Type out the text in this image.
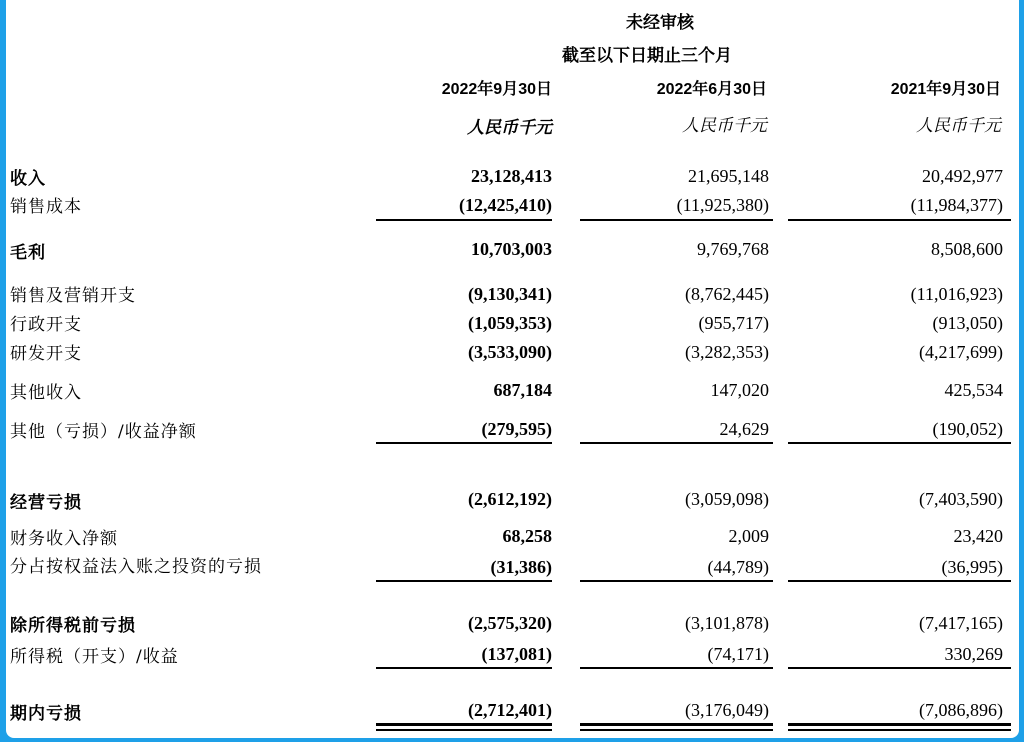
未经审核
截至以下日期止三个月
2022年9月30日	2022年6月30日	2021年9月30日
人民币千元	人民币千元	人民币千元
收入	23,128,413	21,695,148	20,492,977
销售成本	(12,425,410)	(11,925,380)	(11,984,377)
毛利	10,703,003	9,769,768	8,508,600
销售及营销开支	(9,130,341)	(8,762,445)	(11,016,923)
行政开支	(1,059,353)	(955,717)	(913,050)
研发开支	(3,533,090)	(3,282,353)	(4,217,699)
其他收入	687,184	147,020	425,534
其他（亏损）/收益净额	(279,595)	24,629	(190,052)
经营亏损	(2,612,192)	(3,059,098)	(7,403,590)
财务收入净额	68,258	2,009	23,420
分占按权益法入账之投资的亏损	(31,386)	(44,789)	(36,995)
除所得税前亏损	(2,575,320)	(3,101,878)	(7,417,165)
所得税（开支）/收益	(137,081)	(74,171)	330,269
期内亏损	(2,712,401)	(3,176,049)	(7,086,896)
